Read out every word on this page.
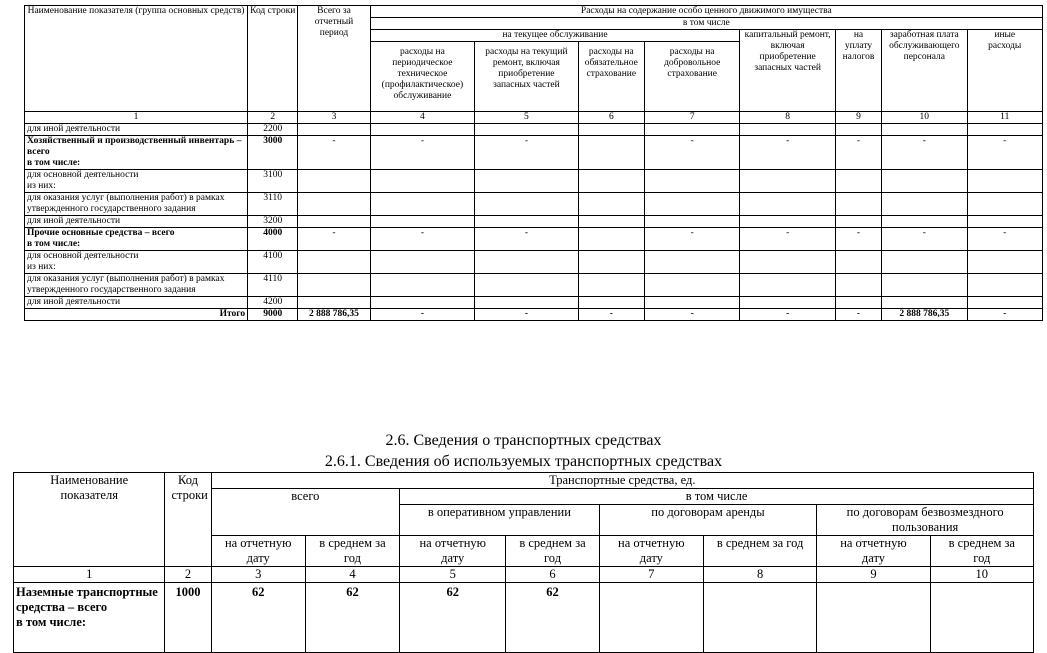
Наименование показателя (группа основных средств)	Код строки	Всего за отчетный период	Расходы на содержание особо ценного движимого имущества							
			в том числе							
			на текущее обслуживание				капитальный ремонт, включая приобретение запасных частей	на уплату налогов	заработная плата обслуживающего персонала	иные расходы
			расходы на периодическое техническое (профилактическое) обслуживание	расходы на текущий ремонт, включая приобретение запасных частей	расходы на обязательное страхование	расходы на добровольное страхование				
1	2	3	4	5	6	7	8	9	10	11
для иной деятельности	2200									
Хозяйственный и производственный инвентарь – всего
в том числе:	3000	-	-	-		-	-	-	-	-
для основной деятельности
из них:	3100									
для оказания услуг (выполнения работ) в рамках утвержденного государственного задания	3110									
для иной деятельности	3200									
Прочие основные средства – всего
в том числе:	4000	-	-	-		-	-	-	-	-
для основной деятельности
из них:	4100									
для оказания услуг (выполнения работ) в рамках утвержденного государственного задания	4110									
для иной деятельности	4200									
Итого	9000	2 888 786,35	-	-	-	-	-	-	2 888 786,35	-
2.6. Сведения о транспортных средствах
2.6.1. Сведения об используемых транспортных средствах
Наименование показателя	Код строки	Транспортные средства, ед.							
		всего		в том числе					
				в оперативном управлении		по договорам аренды		по договорам безвозмездного пользования	
		на отчетную дату	в среднем за год	на отчетную дату	в среднем за год	на отчетную дату	в среднем за год	на отчетную дату	в среднем за год
1	2	3	4	5	6	7	8	9	10
Наземные транспортные средства – всего
в том числе:	1000	62	62	62	62				
